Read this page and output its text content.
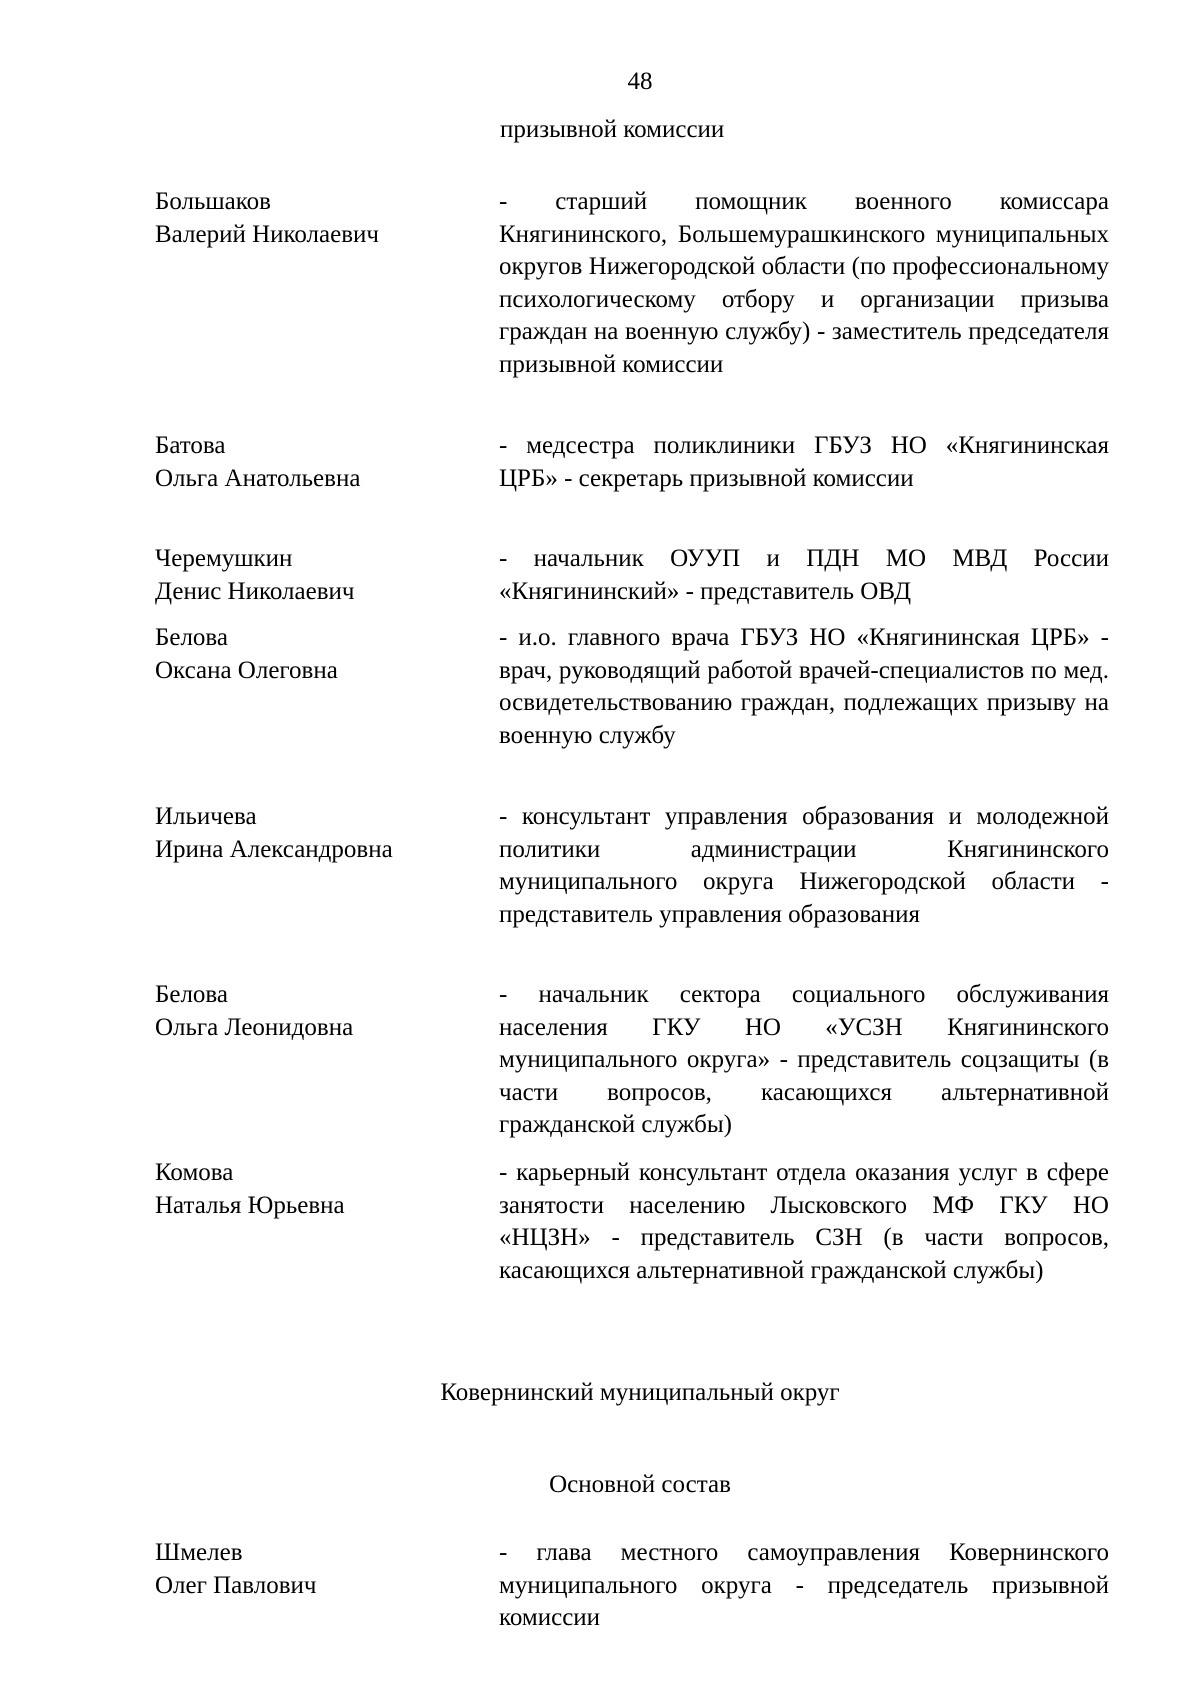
48
призывной комиссии
Большаков
Валерий Николаевич

- старший помощник военного комиссара Княгининского, Большемурашкинского муниципальных округов Нижегородской области (по профессиональному психологическому отбору и организации призыва граждан на военную службу) - заместитель председателя призывной комиссии

Батова
Ольга Анатольевна

- медсестра поликлиники ГБУЗ НО «Княгининская ЦРБ» - секретарь призывной комиссии

Черемушкин
Денис Николаевич

- начальник ОУУП и ПДН МО МВД России «Княгининский» - представитель ОВД

Белова
Оксана Олеговна

- и.о. главного врача ГБУЗ НО «Княгининская ЦРБ» - врач, руководящий работой врачей-специалистов по мед. освидетельствованию граждан, подлежащих призыву на военную службу

Ильичева
Ирина Александровна

- консультант управления образования и молодежной политики администрации Княгининского муниципального округа Нижегородской области - представитель управления образования

Белова
Ольга Леонидовна

- начальник сектора социального обслуживания населения ГКУ НО «УСЗН Княгининского муниципального округа» - представитель соцзащиты (в части вопросов, касающихся альтернативной гражданской службы)

Комова
Наталья Юрьевна

- карьерный консультант отдела оказания услуг в сфере занятости населению Лысковского МФ ГКУ НО «НЦЗН» - представитель СЗН (в части вопросов, касающихся альтернативной гражданской службы)

Ковернинский муниципальный округ
Основной состав
Шмелев
Олег Павлович

- глава местного самоуправления Ковернинского муниципального округа - председатель призывной комиссии
